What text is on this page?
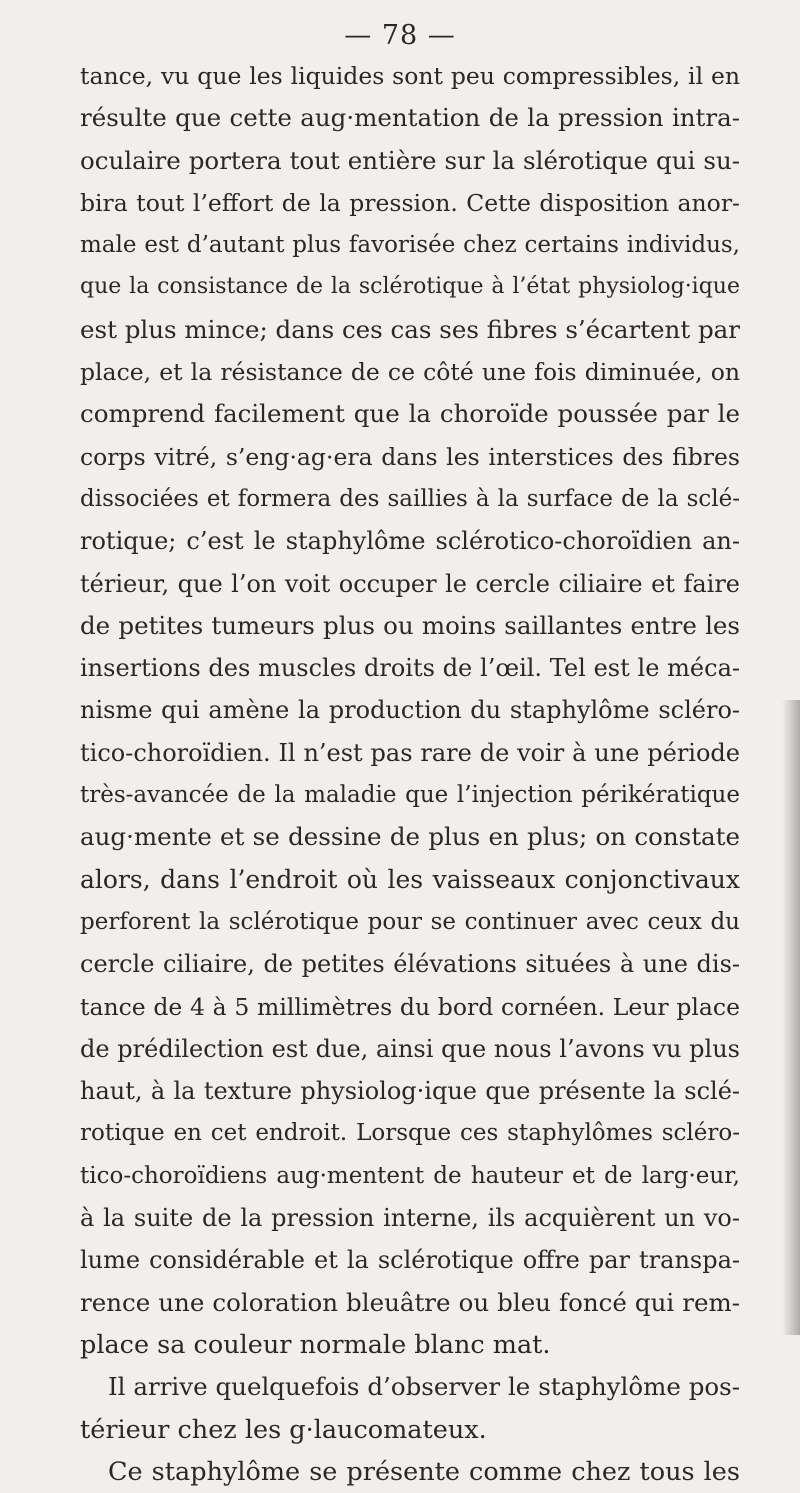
— 78 —
tance, vu que les liquides sont peu compressibles, il en
résulte que cette aug·mentation de la pression intra-
oculaire portera tout entière sur la slérotique qui su-
bira tout l’effort de la pression. Cette disposition anor-
male est d’autant plus favorisée chez certains individus,
que la consistance de la sclérotique à l’état physiolog·ique
est plus mince; dans ces cas ses fibres s’écartent par
place, et la résistance de ce côté une fois diminuée, on
comprend facilement que la choroïde poussée par le
corps vitré, s’eng·ag·era dans les interstices des fibres
dissociées et formera des saillies à la surface de la sclé-
rotique; c’est le staphylôme sclérotico-choroïdien an-
térieur, que l’on voit occuper le cercle ciliaire et faire
de petites tumeurs plus ou moins saillantes entre les
insertions des muscles droits de l’œil. Tel est le méca-
nisme qui amène la production du staphylôme scléro-
tico-choroïdien. Il n’est pas rare de voir à une période
très-avancée de la maladie que l’injection périkératique
aug·mente et se dessine de plus en plus; on constate
alors, dans l’endroit où les vaisseaux conjonctivaux
perforent la sclérotique pour se continuer avec ceux du
cercle ciliaire, de petites élévations situées à une dis-
tance de 4 à 5 millimètres du bord cornéen. Leur place
de prédilection est due, ainsi que nous l’avons vu plus
haut, à la texture physiolog·ique que présente la sclé-
rotique en cet endroit. Lorsque ces staphylômes scléro-
tico-choroïdiens aug·mentent de hauteur et de larg·eur,
à la suite de la pression interne, ils acquièrent un vo-
lume considérable et la sclérotique offre par transpa-
rence une coloration bleuâtre ou bleu foncé qui rem-
place sa couleur normale blanc mat.
Il arrive quelquefois d’observer le staphylôme pos-
térieur chez les g·laucomateux.
Ce staphylôme se présente comme chez tous les
